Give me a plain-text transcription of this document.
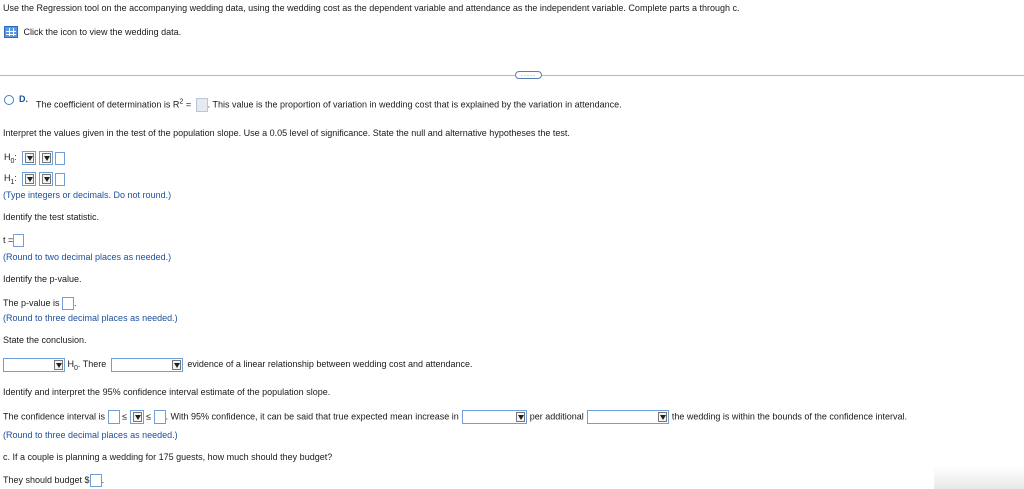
Use the Regression tool on the accompanying wedding data, using the wedding cost as the dependent variable and attendance as the independent variable. Complete parts a through c.
Click the icon to view the wedding data.
.....
D.
The coefficient of determination is $R^2$ = . This value is the proportion of variation in wedding cost that is explained by the variation in attendance.
Interpret the values given in the test of the population slope. Use a 0.05 level of significance. State the null and alternative hypotheses the test.
$H_0$:

$H_1$:

(Type integers or decimals. Do not round.)
Identify the test statistic.
t =
(Round to two decimal places as needed.)
Identify the p-value.
The p-value is .
(Round to three decimal places as needed.)
State the conclusion.
$H_0$. There	evidence of a linear relationship between wedding cost and attendance.
Identify and interpret the 95% confidence interval estimate of the population slope.
The confidence interval is ≤ ≤ . With 95% confidence, it can be said that true expected mean increase in	per additional	the wedding is within the bounds of the confidence interval.
(Round to three decimal places as needed.)
c. If a couple is planning a wedding for 175 guests, how much should they budget?
They should budget $ .
